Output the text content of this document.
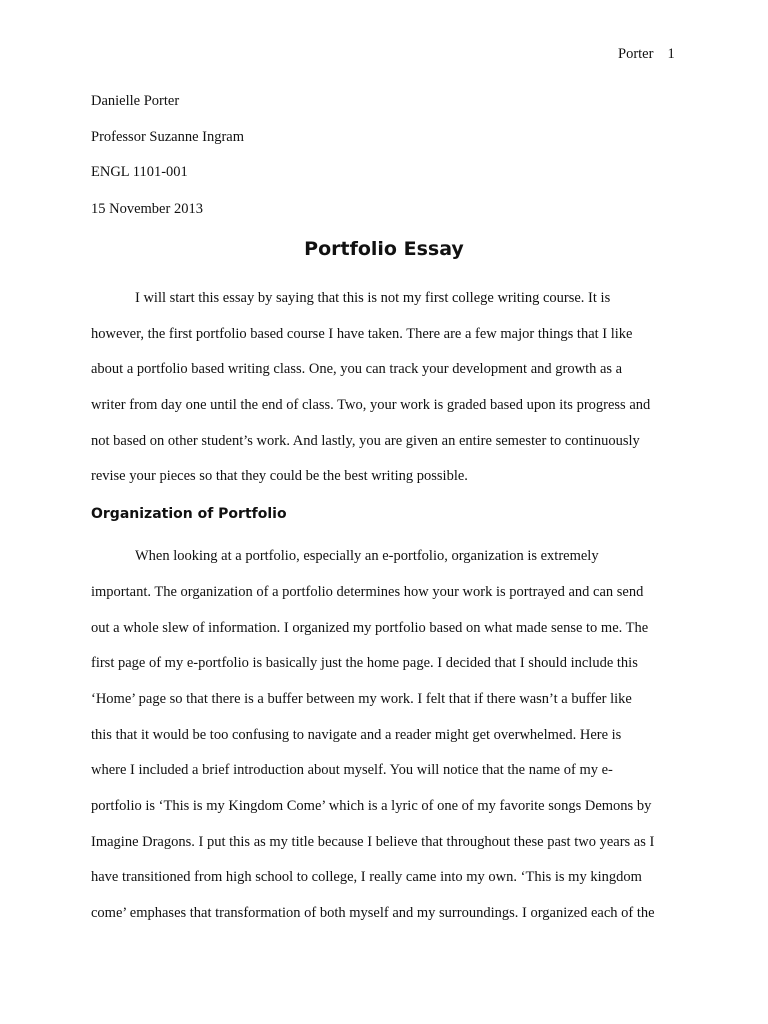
Porter 1
Danielle Porter
Professor Suzanne Ingram
ENGL 1101-001
15 November 2013
Portfolio Essay
I will start this essay by saying that this is not my first college writing course. It is
however, the first portfolio based course I have taken. There are a few major things that I like
about a portfolio based writing class. One, you can track your development and growth as a
writer from day one until the end of class. Two, your work is graded based upon its progress and
not based on other student’s work. And lastly, you are given an entire semester to continuously
revise your pieces so that they could be the best writing possible.
Organization of Portfolio
When looking at a portfolio, especially an e-portfolio, organization is extremely
important. The organization of a portfolio determines how your work is portrayed and can send
out a whole slew of information. I organized my portfolio based on what made sense to me. The
first page of my e-portfolio is basically just the home page. I decided that I should include this
‘Home’ page so that there is a buffer between my work. I felt that if there wasn’t a buffer like
this that it would be too confusing to navigate and a reader might get overwhelmed. Here is
where I included a brief introduction about myself. You will notice that the name of my e-
portfolio is ‘This is my Kingdom Come’ which is a lyric of one of my favorite songs Demons by
Imagine Dragons. I put this as my title because I believe that throughout these past two years as I
have transitioned from high school to college, I really came into my own. ‘This is my kingdom
come’ emphases that transformation of both myself and my surroundings. I organized each of the
